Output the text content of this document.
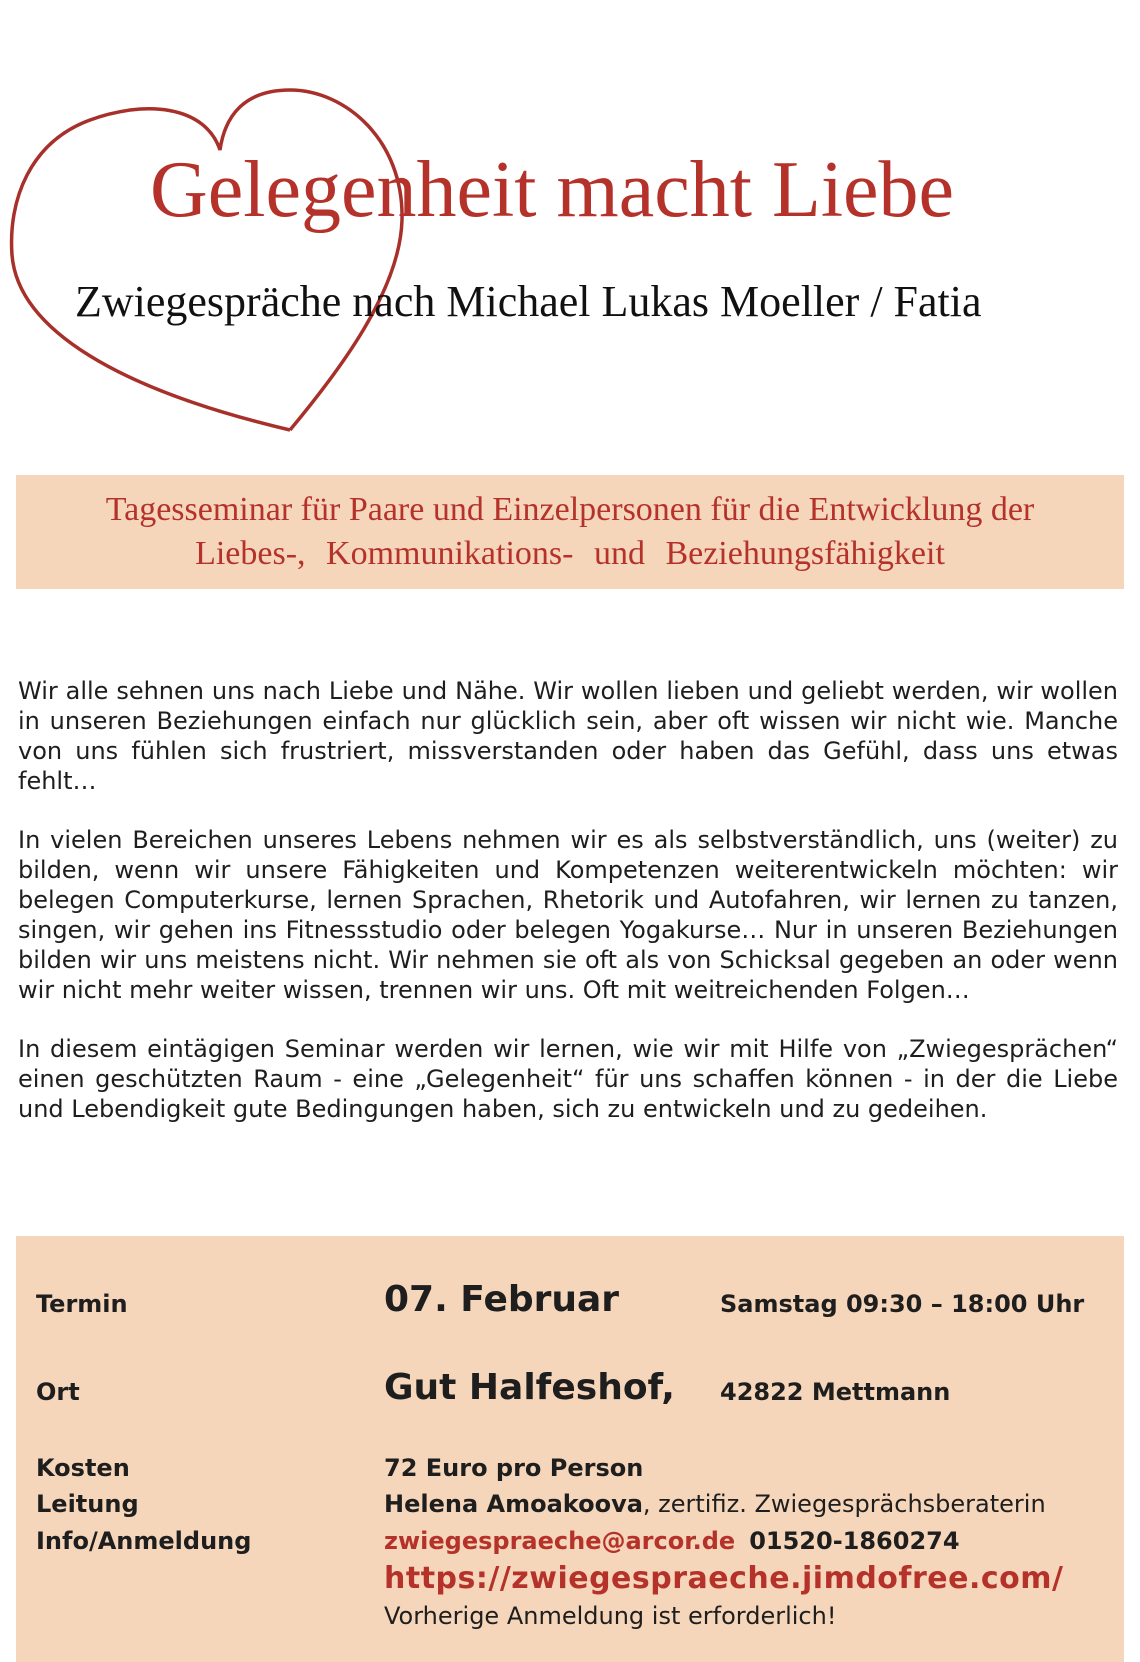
Gelegenheit macht Liebe
Zwiegespräche nach Michael Lukas Moeller / Fatia
Tagesseminar für Paare und Einzelpersonen für die Entwicklung der
Liebes-, Kommunikations- und Beziehungsfähigkeit

Wir alle sehnen uns nach Liebe und Nähe. Wir wollen lieben und geliebt werden, wir wollen in unseren Beziehungen einfach nur glücklich sein, aber oft wissen wir nicht wie. Manche von uns fühlen sich frustriert, missverstanden oder haben das Gefühl, dass uns etwas fehlt…

In vielen Bereichen unseres Lebens nehmen wir es als selbstverständlich, uns (weiter) zu bilden, wenn wir unsere Fähigkeiten und Kompetenzen weiterentwickeln möchten: wir belegen Computerkurse, lernen Sprachen, Rhetorik und Autofahren, wir lernen zu tanzen, singen, wir gehen ins Fitnessstudio oder belegen Yogakurse… Nur in unseren Beziehungen bilden wir uns meistens nicht. Wir nehmen sie oft als von Schicksal gegeben an oder wenn wir nicht mehr weiter wissen, trennen wir uns. Oft mit weitreichenden Folgen…

In diesem eintägigen Seminar werden wir lernen, wie wir mit Hilfe von „Zwiegesprächen“ einen geschützten Raum - eine „Gelegenheit“ für uns schaffen können - in der die Liebe und Lebendigkeit gute Bedingungen haben, sich zu entwickeln und zu gedeihen.

Termin	07. Februar	Samstag 09:30 – 18:00 Uhr
Ort	Gut Halfeshof, 42822 Mettmann
Kosten	72 Euro pro Person
Leitung	Helena Amoakoova, zertifiz. Zwiegesprächsberaterin
Info/Anmeldung	zwiegespraeche@arcor.de 01520-1860274
https://zwiegespraeche.jimdofree.com/
Vorherige Anmeldung ist erforderlich!
